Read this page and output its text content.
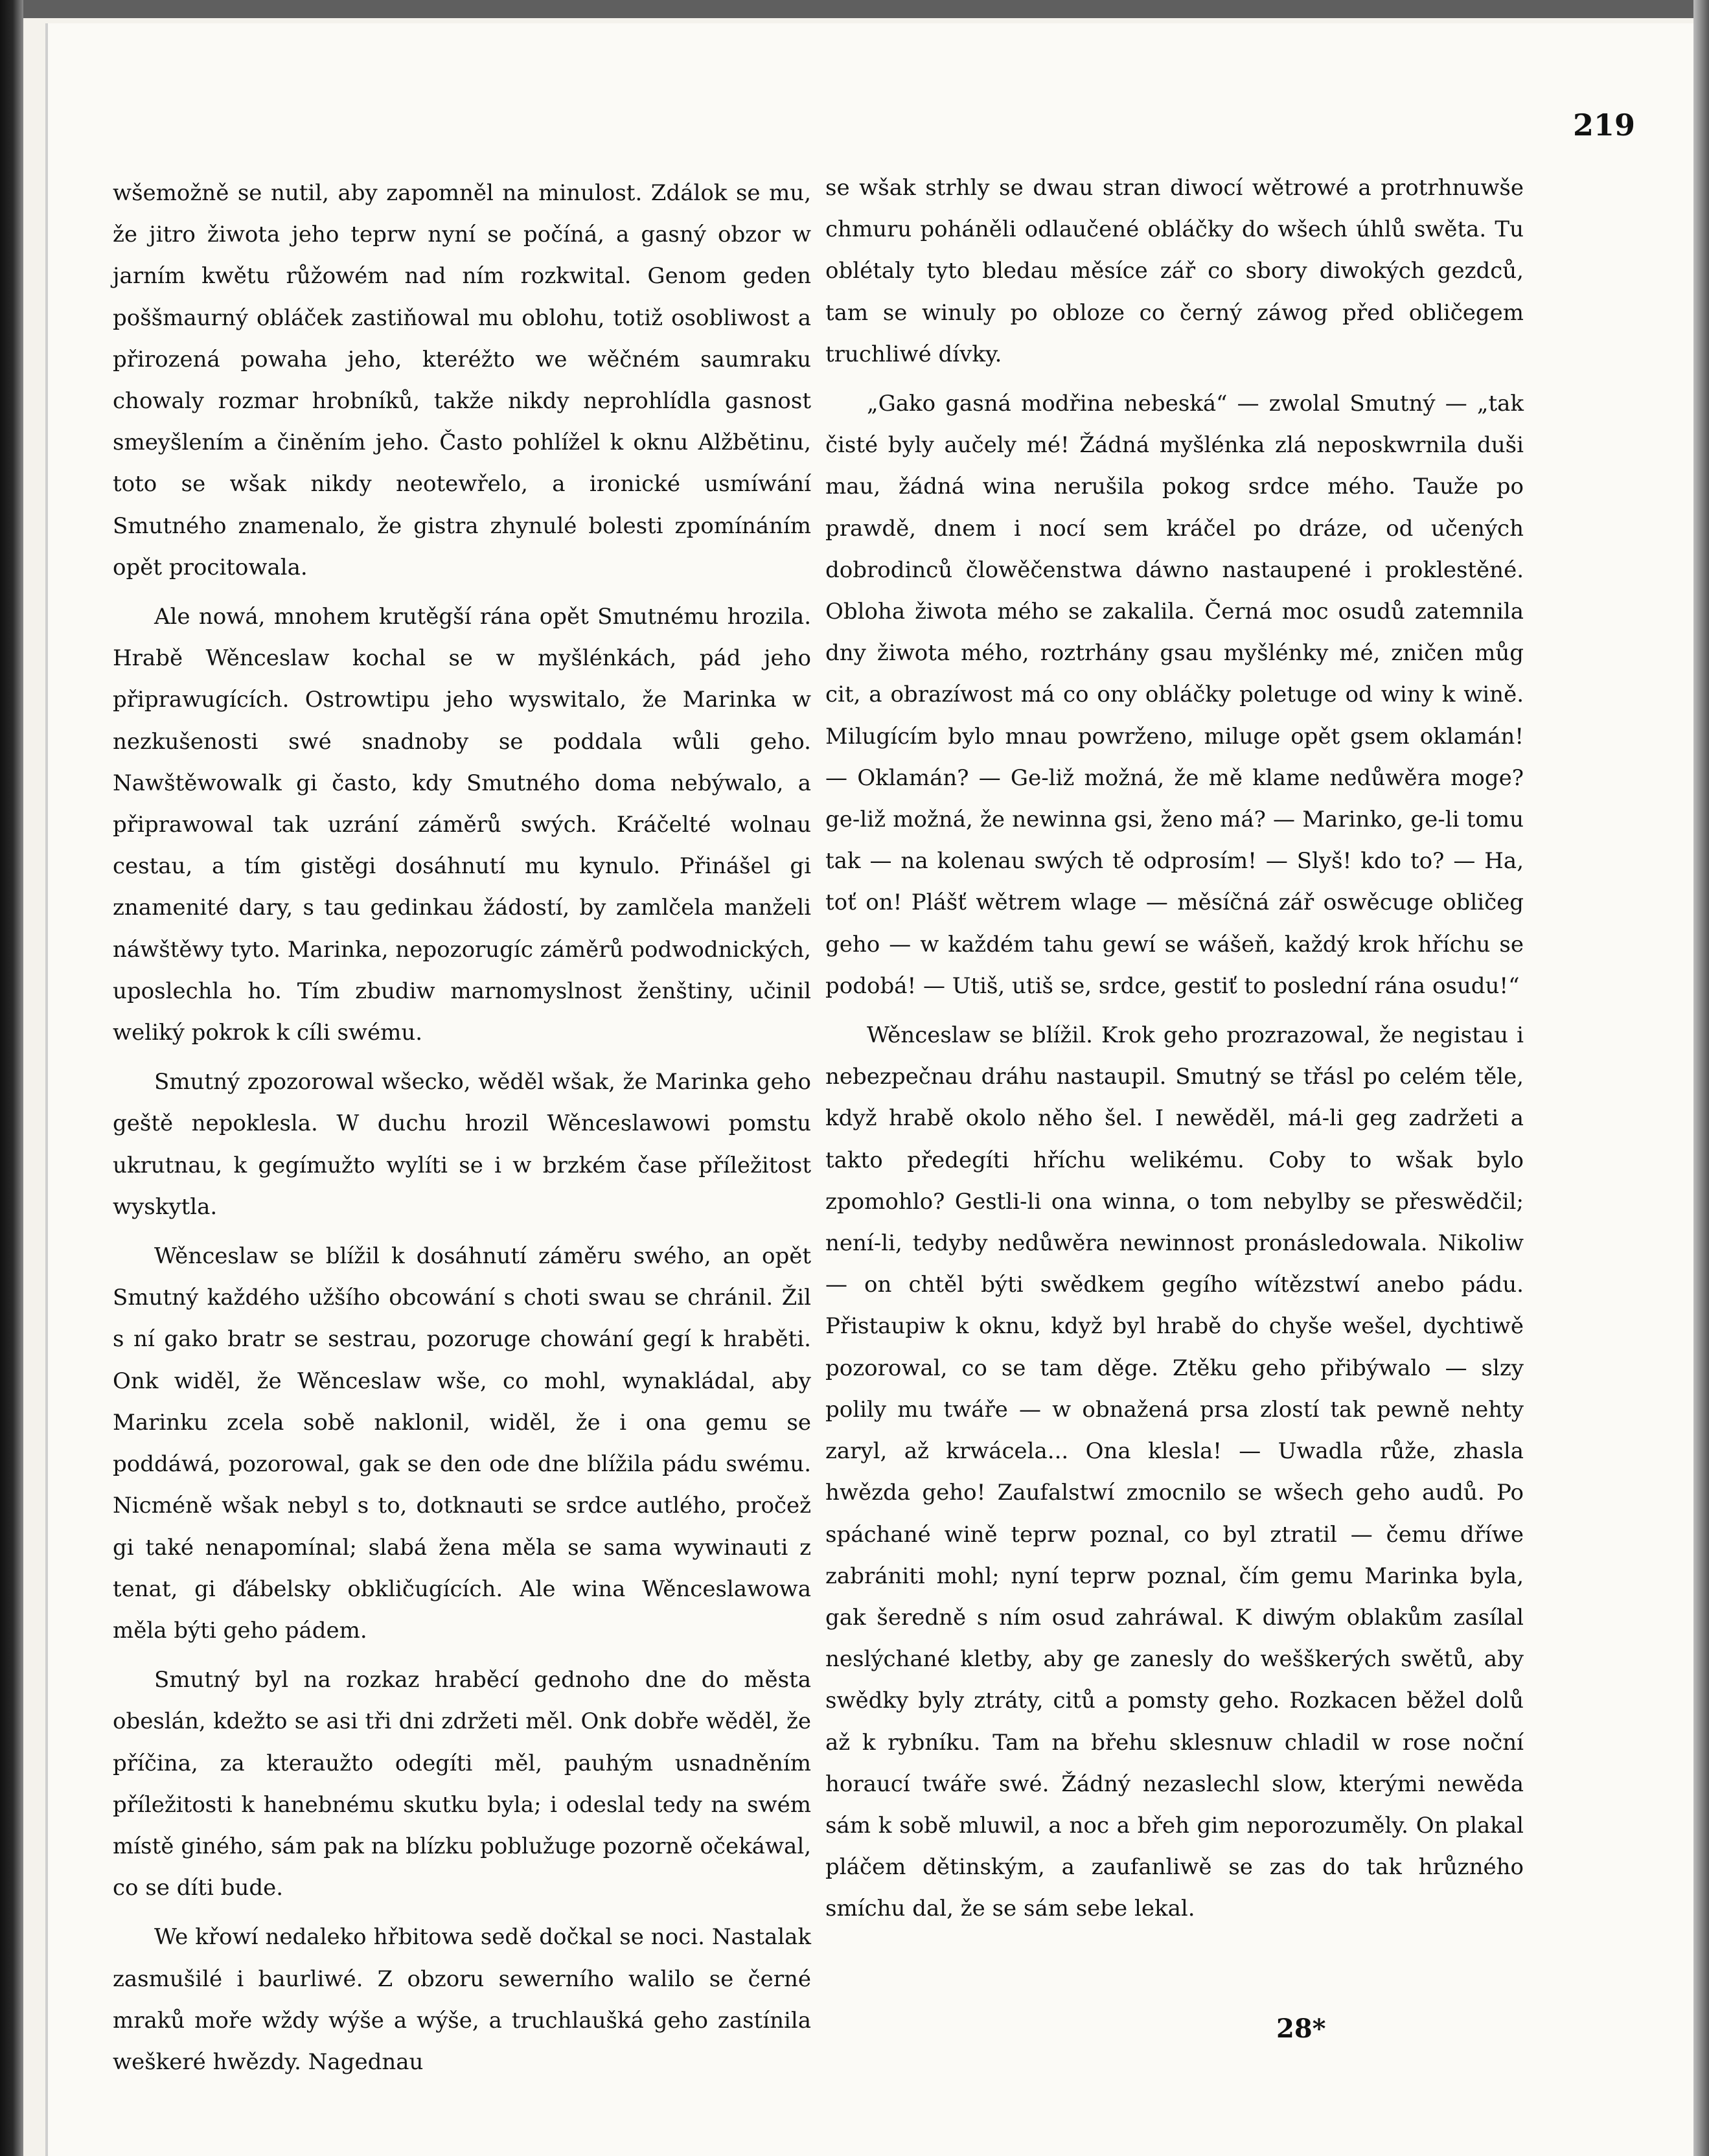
219

wšemožně se nutil, aby zapomněl na minulost. Zdálok se mu, že jitro žiwota jeho teprw nyní se počíná, a gasný obzor w jarním kwětu růžowém nad ním rozkwital. Genom geden poššmaurný obláček zastiňowal mu oblohu, totiž osobliwost a přirozená powaha jeho, kteréžto we wěčném saumraku chowaly rozmar hrobníků, takže nikdy neprohlídla gasnost smeyšlením a činěním jeho. Často pohlížel k oknu Alžbětinu, toto se wšak nikdy neotewřelo, a ironické usmíwání Smutného znamenalo, že gistra zhynulé bolesti zpomínáním opět procitowala.

Ale nowá, mnohem krutěgší rána opět Smutnému hrozila. Hrabě Wěnceslaw kochal se w myšlénkách, pád jeho připrawugících. Ostrowtipu jeho wyswitalo, že Marinka w nezkušenosti swé snadnoby se poddala wůli geho. Nawštěwowalk gi často, kdy Smutného doma nebýwalo, a připrawowal tak uzrání záměrů swých. Kráčelté wolnau cestau, a tím gistěgi dosáhnutí mu kynulo. Přinášel gi znamenité dary, s tau gedinkau žádostí, by zamlčela manželi náwštěwy tyto. Marinka, nepozorugíc záměrů podwodnických, uposlechla ho. Tím zbudiw marnomyslnost ženštiny, učinil weliký pokrok k cíli swému.

Smutný zpozorowal wšecko, wěděl wšak, že Marinka geho geště nepoklesla. W duchu hrozil Wěnceslawowi pomstu ukrutnau, k gegímužto wylíti se i w brzkém čase příležitost wyskytla.

Wěnceslaw se blížil k dosáhnutí záměru swého, an opět Smutný každého užšího obcowání s choti swau se chránil. Žil s ní gako bratr se sestrau, pozoruge chowání gegí k hraběti. Onk widěl, že Wěnceslaw wše, co mohl, wynakládal, aby Marinku zcela sobě naklonil, widěl, že i ona gemu se poddáwá, pozorowal, gak se den ode dne blížila pádu swému. Nicméně wšak nebyl s to, dotknauti se srdce autlého, pročež gi také nenapomínal; slabá žena měla se sama wywinauti z tenat, gi ďábelsky obkličugících. Ale wina Wěnceslawowa měla býti geho pádem.

Smutný byl na rozkaz hraběcí gednoho dne do města obeslán, kdežto se asi tři dni zdržeti měl. Onk dobře wěděl, že příčina, za kteraužto odegíti měl, pauhým usnadněním příležitosti k hanebnému skutku byla; i odeslal tedy na swém místě giného, sám pak na blízku poblužuge pozorně očekáwal, co se díti bude.

We křowí nedaleko hřbitowa sedě dočkal se noci. Nastalak zasmušilé i baurliwé. Z obzoru sewerního walilo se černé mraků moře wždy wýše a wýše, a truchlaušká geho zastínila weškeré hwězdy. Nagednau

se wšak strhly se dwau stran diwocí wětrowé a protrhnuwše chmuru poháněli odlaučené obláčky do wšech úhlů swěta. Tu oblétaly tyto bledau měsíce zář co sbory diwokých gezdců, tam se winuly po obloze co černý záwog před obličegem truchliwé dívky.

„Gako gasná modřina nebeská“ — zwolal Smutný — „tak čisté byly aučely mé! Žádná myšlénka zlá neposkwrnila duši mau, žádná wina nerušila pokog srdce mého. Tauže po prawdě, dnem i nocí sem kráčel po dráze, od učených dobrodinců člowěčenstwa dáwno nastaupené i proklestěné. Obloha žiwota mého se zakalila. Černá moc osudů zatemnila dny žiwota mého, roztrhány gsau myšlénky mé, zničen můg cit, a obrazíwost má co ony obláčky poletuge od winy k wině. Milugícím bylo mnau powrženo, miluge opět gsem oklamán! — Oklamán? — Ge-liž možná, že mě klame nedůwěra moge? ge-liž možná, že newinna gsi, ženo má? — Marinko, ge-li tomu tak — na kolenau swých tě odprosím! — Slyš! kdo to? — Ha, toť on! Plášť wětrem wlage — měsíčná zář oswěcuge obličeg geho — w každém tahu gewí se wášeň, každý krok hříchu se podobá! — Utiš, utiš se, srdce, gestiť to poslední rána osudu!“

Wěnceslaw se blížil. Krok geho prozrazowal, že negistau i nebezpečnau dráhu nastaupil. Smutný se třásl po celém těle, když hrabě okolo něho šel. I newěděl, má-li geg zadržeti a takto předegíti hříchu welikému. Coby to wšak bylo zpomohlo? Gestli-li ona winna, o tom nebylby se přeswědčil; není-li, tedyby nedůwěra newinnost pronásledowala. Nikoliw — on chtěl býti swědkem gegího wítězstwí anebo pádu. Přistaupiw k oknu, když byl hrabě do chyše wešel, dychtiwě pozorowal, co se tam děge. Ztěku geho přibýwalo — slzy polily mu twáře — w obnažená prsa zlostí tak pewně nehty zaryl, až krwácela... Ona klesla! — Uwadla růže, zhasla hwězda geho! Zaufalstwí zmocnilo se wšech geho audů. Po spáchané wině teprw poznal, co byl ztratil — čemu dříwe zabrániti mohl; nyní teprw poznal, čím gemu Marinka byla, gak šeredně s ním osud zahráwal. K diwým oblakům zasílal neslýchané kletby, aby ge zanesly do wešškerých swětů, aby swědky byly ztráty, citů a pomsty geho. Rozkacen běžel dolů až k rybníku. Tam na břehu sklesnuw chladil w rose noční horaucí twáře swé. Žádný nezaslechl slow, kterými newěda sám k sobě mluwil, a noc a břeh gim neporozuměly. On plakal pláčem dětinským, a zaufanliwě se zas do tak hrůzného smíchu dal, že se sám sebe lekal.

28*
